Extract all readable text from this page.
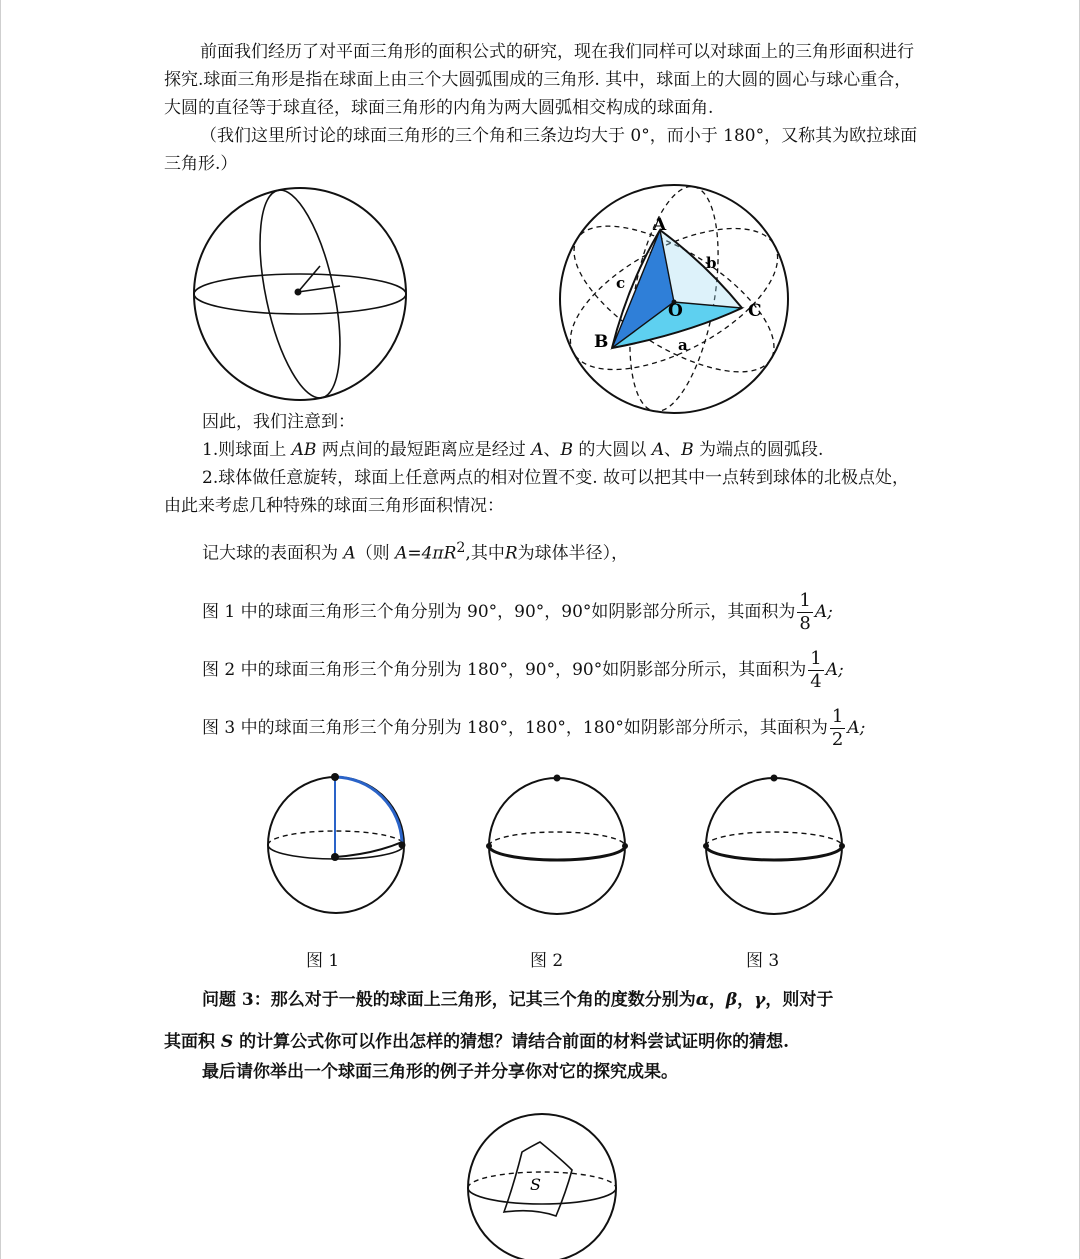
前面我们经历了对平面三角形的面积公式的研究，现在我们同样可以对球面上的三角形面积进行探究.球面三角形是指在球面上由三个大圆弧围成的三角形. 其中，球面上的大圆的圆心与球心重合，大圆的直径等于球直径，球面三角形的内角为两大圆弧相交构成的球面角.

（我们这里所讨论的球面三角形的三个角和三条边均大于 0°，而小于 180°，又称其为欧拉球面三角形.）

A
B
C
O
a
b
c

因此，我们注意到：

1.则球面上 AB 两点间的最短距离应是经过 A、B 的大圆以 A、B 为端点的圆弧段.

2.球体做任意旋转，球面上任意两点的相对位置不变. 故可以把其中一点转到球体的北极点处，由此来考虑几种特殊的球面三角形面积情况：

记大球的表面积为 A（则 $A=4\pi R^2$,其中R为球体半径），

图 1 中的球面三角形三个角分别为 90°，90°，90°如阴影部分所示，其面积为 $\frac{1}{8} A$;

图 2 中的球面三角形三个角分别为 180°，90°，90°如阴影部分所示，其面积为 $\frac{1}{4} A$;

图 3 中的球面三角形三个角分别为 180°，180°，180°如阴影部分所示，其面积为 $\frac{1}{2} A$;

图 1	图 2	图 3

问题 3：那么对于一般的球面上三角形，记其三个角的度数分别为α，β，γ，则对于

其面积 S 的计算公式你可以作出怎样的猜想？请结合前面的材料尝试证明你的猜想.

最后请你举出一个球面三角形的例子并分享你对它的探究成果。

S
